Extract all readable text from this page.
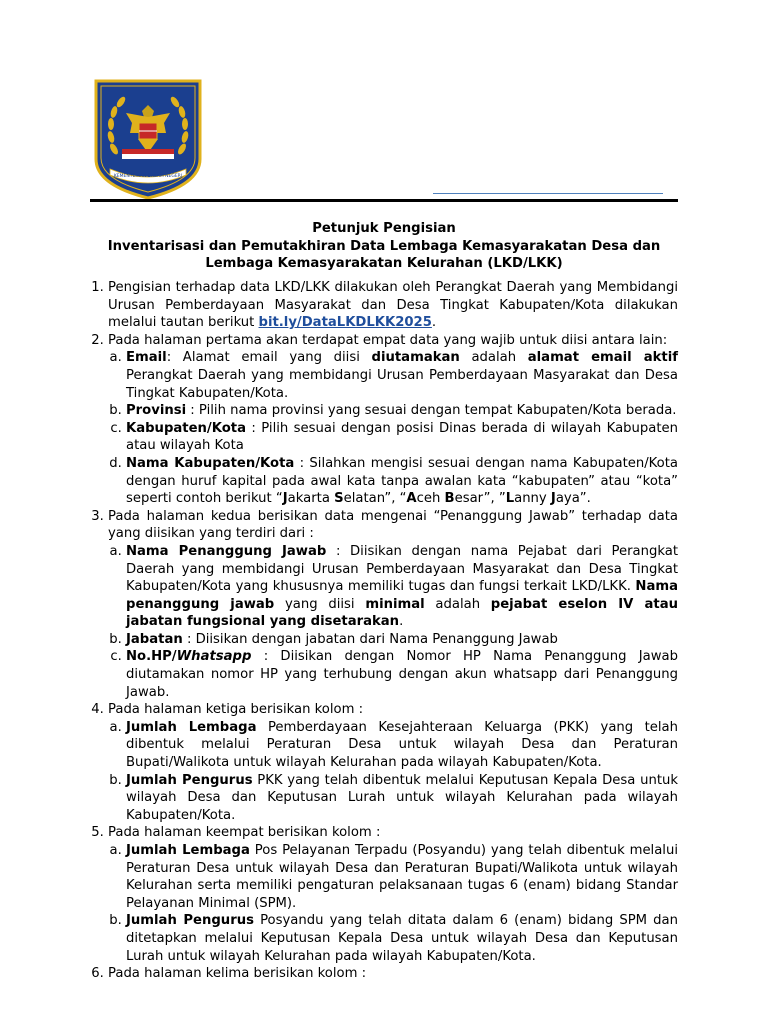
KEMENTERIAN DALAM NEGERI
Petunjuk Pengisian
Inventarisasi dan Pemutakhiran Data Lembaga Kemasyarakatan Desa dan
Lembaga Kemasyarakatan Kelurahan (LKD/LKK)
1. Pengisian terhadap data LKD/LKK dilakukan oleh Perangkat Daerah yang Membidangi Urusan Pemberdayaan Masyarakat dan Desa Tingkat Kabupaten/Kota dilakukan melalui tautan berikut bit.ly/DataLKDLKK2025.
2. Pada halaman pertama akan terdapat empat data yang wajib untuk diisi antara lain:
a. Email: Alamat email yang diisi diutamakan adalah alamat email aktif Perangkat Daerah yang membidangi Urusan Pemberdayaan Masyarakat dan Desa Tingkat Kabupaten/Kota.
b. Provinsi : Pilih nama provinsi yang sesuai dengan tempat Kabupaten/Kota berada.
c. Kabupaten/Kota : Pilih sesuai dengan posisi Dinas berada di wilayah Kabupaten atau wilayah Kota
d. Nama Kabupaten/Kota : Silahkan mengisi sesuai dengan nama Kabupaten/Kota dengan huruf kapital pada awal kata tanpa awalan kata “kabupaten” atau “kota” seperti contoh berikut “Jakarta Selatan”, “Aceh Besar”, ”Lanny Jaya”.
3. Pada halaman kedua berisikan data mengenai “Penanggung Jawab” terhadap data yang diisikan yang terdiri dari :
a. Nama Penanggung Jawab : Diisikan dengan nama Pejabat dari Perangkat Daerah yang membidangi Urusan Pemberdayaan Masyarakat dan Desa Tingkat Kabupaten/Kota yang khususnya memiliki tugas dan fungsi terkait LKD/LKK. Nama penanggung jawab yang diisi minimal adalah pejabat eselon IV atau jabatan fungsional yang disetarakan.
b. Jabatan : Diisikan dengan jabatan dari Nama Penanggung Jawab
c. No.HP/Whatsapp : Diisikan dengan Nomor HP Nama Penanggung Jawab diutamakan nomor HP yang terhubung dengan akun whatsapp dari Penanggung Jawab.
4. Pada halaman ketiga berisikan kolom :
a. Jumlah Lembaga Pemberdayaan Kesejahteraan Keluarga (PKK) yang telah dibentuk melalui Peraturan Desa untuk wilayah Desa dan Peraturan Bupati/Walikota untuk wilayah Kelurahan pada wilayah Kabupaten/Kota.
b. Jumlah Pengurus PKK yang telah dibentuk melalui Keputusan Kepala Desa untuk wilayah Desa dan Keputusan Lurah untuk wilayah Kelurahan pada wilayah Kabupaten/Kota.
5. Pada halaman keempat berisikan kolom :
a. Jumlah Lembaga Pos Pelayanan Terpadu (Posyandu) yang telah dibentuk melalui Peraturan Desa untuk wilayah Desa dan Peraturan Bupati/Walikota untuk wilayah Kelurahan serta memiliki pengaturan pelaksanaan tugas 6 (enam) bidang Standar Pelayanan Minimal (SPM).
b. Jumlah Pengurus Posyandu yang telah ditata dalam 6 (enam) bidang SPM dan ditetapkan melalui Keputusan Kepala Desa untuk wilayah Desa dan Keputusan Lurah untuk wilayah Kelurahan pada wilayah Kabupaten/Kota.
6. Pada halaman kelima berisikan kolom :
